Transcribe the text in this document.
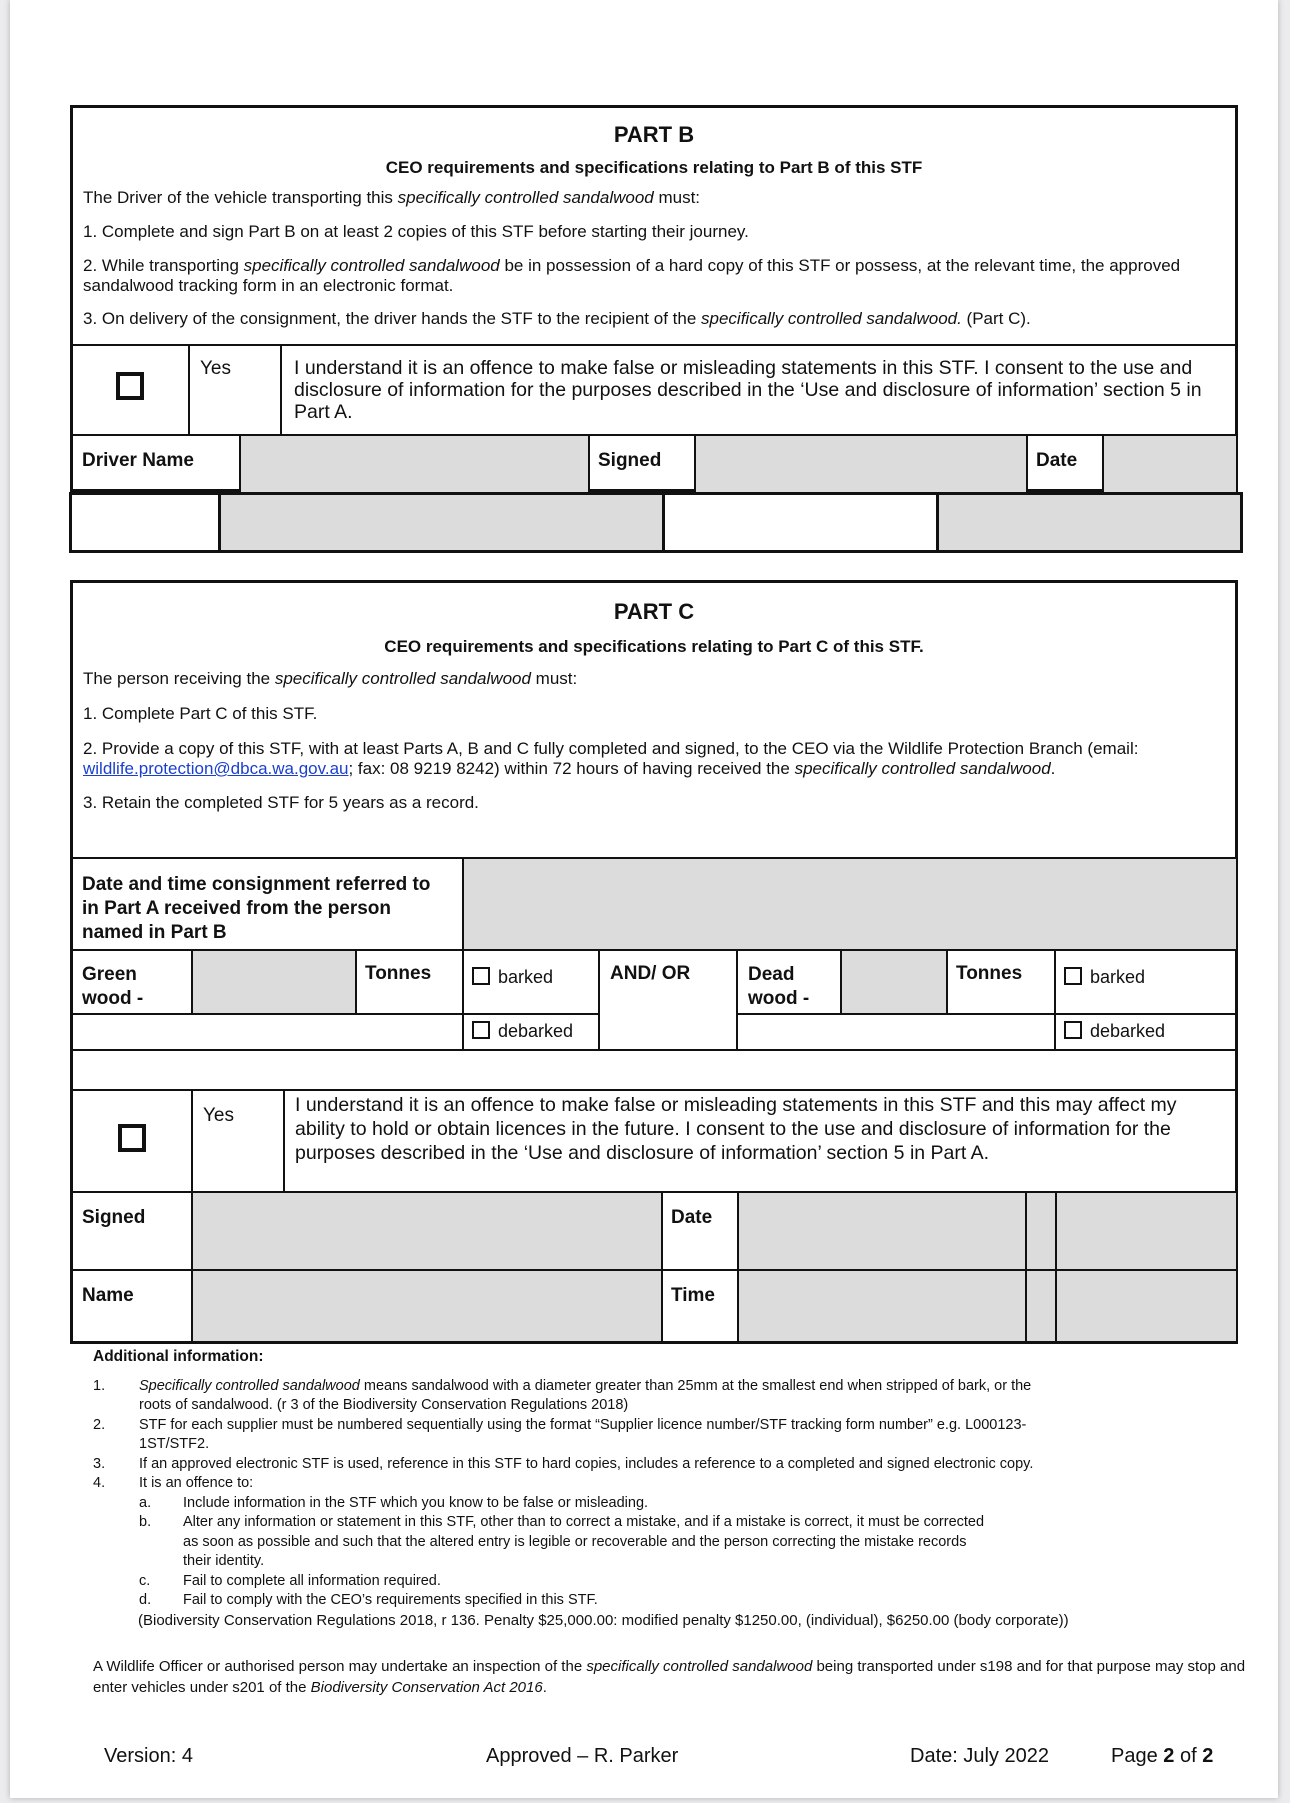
PART B
CEO requirements and specifications relating to Part B of this STF
The Driver of the vehicle transporting this specifically controlled sandalwood must:
1. Complete and sign Part B on at least 2 copies of this STF before starting their journey.
2. While transporting specifically controlled sandalwood be in possession of a hard copy of this STF or possess, at the relevant time, the approved sandalwood tracking form in an electronic format.
3. On delivery of the consignment, the driver hands the STF to the recipient of the specifically controlled sandalwood. (Part C).
	Yes	I understand it is an offence to make false or misleading statements in this STF. I consent to the use and disclosure of information for the purposes described in the ‘Use and disclosure of information’ section 5 in Part A.
Driver Name		Signed		Date	

PART C
CEO requirements and specifications relating to Part C of this STF.
The person receiving the specifically controlled sandalwood must:
1. Complete Part C of this STF.
2. Provide a copy of this STF, with at least Parts A, B and C fully completed and signed, to the CEO via the Wildlife Protection Branch (email: wildlife.protection@dbca.wa.gov.au; fax: 08 9219 8242) within 72 hours of having received the specifically controlled sandalwood.
3. Retain the completed STF for 5 years as a record.
Date and time consignment referred to in Part A received from the person named in Part B	
Green wood -		Tonnes	barked	AND/ OR	Dead wood -		Tonnes	barked
			debarked					debarked

	Yes	I understand it is an offence to make false or misleading statements in this STF and this may affect my ability to hold or obtain licences in the future. I consent to the use and disclosure of information for the purposes described in the ‘Use and disclosure of information’ section 5 in Part A.
Signed		Date			
Name		Time			
Additional information:
1. Specifically controlled sandalwood means sandalwood with a diameter greater than 25mm at the smallest end when stripped of bark, or the
roots of sandalwood. (r 3 of the Biodiversity Conservation Regulations 2018)
2. STF for each supplier must be numbered sequentially using the format “Supplier licence number/STF tracking form number” e.g. L000123-
1ST/STF2.
3. If an approved electronic STF is used, reference in this STF to hard copies, includes a reference to a completed and signed electronic copy.
4. It is an offence to:
a. Include information in the STF which you know to be false or misleading.
b. Alter any information or statement in this STF, other than to correct a mistake, and if a mistake is correct, it must be corrected
as soon as possible and such that the altered entry is legible or recoverable and the person correcting the mistake records
their identity.
c. Fail to complete all information required.
d. Fail to comply with the CEO’s requirements specified in this STF.
(Biodiversity Conservation Regulations 2018, r 136. Penalty $25,000.00: modified penalty $1250.00, (individual), $6250.00 (body corporate))
A Wildlife Officer or authorised person may undertake an inspection of the specifically controlled sandalwood being transported under s198 and for that purpose may stop and enter vehicles under s201 of the Biodiversity Conservation Act 2016.
Version: 4	Approved – R. Parker	Date: July 2022	Page 2 of 2
